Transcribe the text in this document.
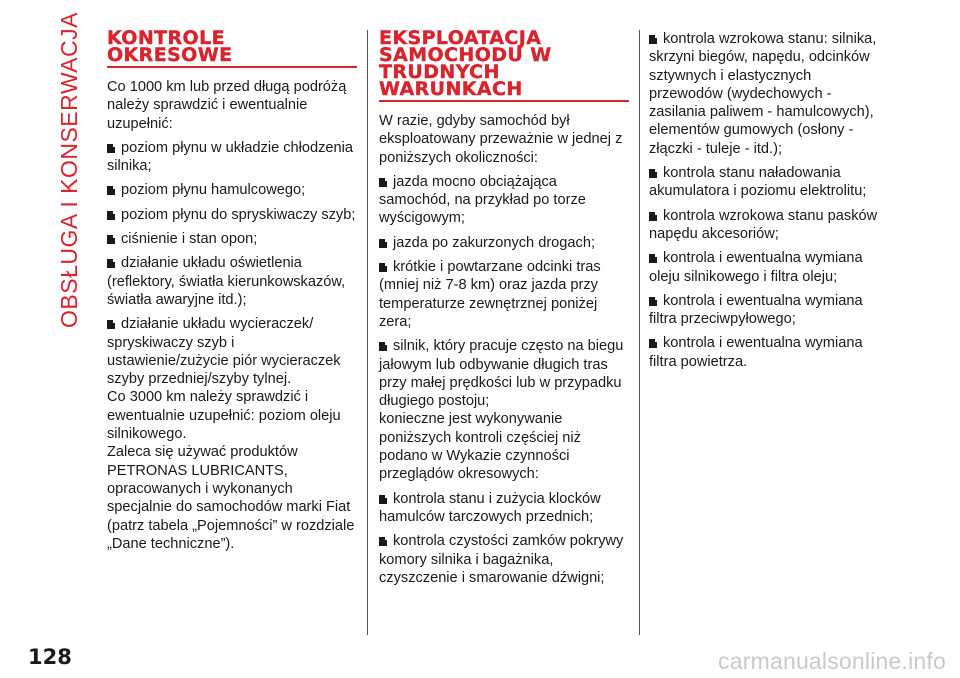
OBSŁUGA I KONSERWACJA	KONTROLE OKRESOWE

Co 1000 km lub przed długą podróżą należy sprawdzić i ewentualnie uzupełnić:

poziom płynu w układzie chłodzenia silnika;
poziom płynu hamulcowego;
poziom płynu do spryskiwaczy szyb;
ciśnienie i stan opon;
działanie układu oświetlenia (reflektory, światła kierunkowskazów, światła awaryjne itd.);
działanie układu wycieraczek/ spryskiwaczy szyb i ustawienie/zużycie piór wycieraczek szyby przedniej/szyby tylnej.

Co 3000 km należy sprawdzić i ewentualnie uzupełnić: poziom oleju silnikowego.

Zaleca się używać produktów PETRONAS LUBRICANTS, opracowanych i wykonanych specjalnie do samochodów marki Fiat (patrz tabela „Pojemności” w rozdziale „Dane techniczne”).

EKSPLOATACJA SAMOCHODU W TRUDNYCH WARUNKACH

W razie, gdyby samochód był eksploatowany przeważnie w jednej z poniższych okoliczności:

jazda mocno obciążająca samochód, na przykład po torze wyścigowym;
jazda po zakurzonych drogach;
krótkie i powtarzane odcinki tras (mniej niż 7-8 km) oraz jazda przy temperaturze zewnętrznej poniżej zera;
silnik, który pracuje często na biegu jałowym lub odbywanie długich tras przy małej prędkości lub w przypadku długiego postoju;

konieczne jest wykonywanie poniższych kontroli częściej niż podano w Wykazie czynności przeglądów okresowych:

kontrola stanu i zużycia klocków hamulców tarczowych przednich;
kontrola czystości zamków pokrywy komory silnika i bagażnika, czyszczenie i smarowanie dźwigni;
kontrola wzrokowa stanu: silnika, skrzyni biegów, napędu, odcinków sztywnych i elastycznych przewodów (wydechowych - zasilania paliwem - hamulcowych), elementów gumowych (osłony - złączki - tuleje - itd.);
kontrola stanu naładowania akumulatora i poziomu elektrolitu;
kontrola wzrokowa stanu pasków napędu akcesoriów;
kontrola i ewentualna wymiana oleju silnikowego i filtra oleju;
kontrola i ewentualna wymiana filtra przeciwpyłowego;
kontrola i ewentualna wymiana filtra powietrza.
128	carmanualsonline.info
